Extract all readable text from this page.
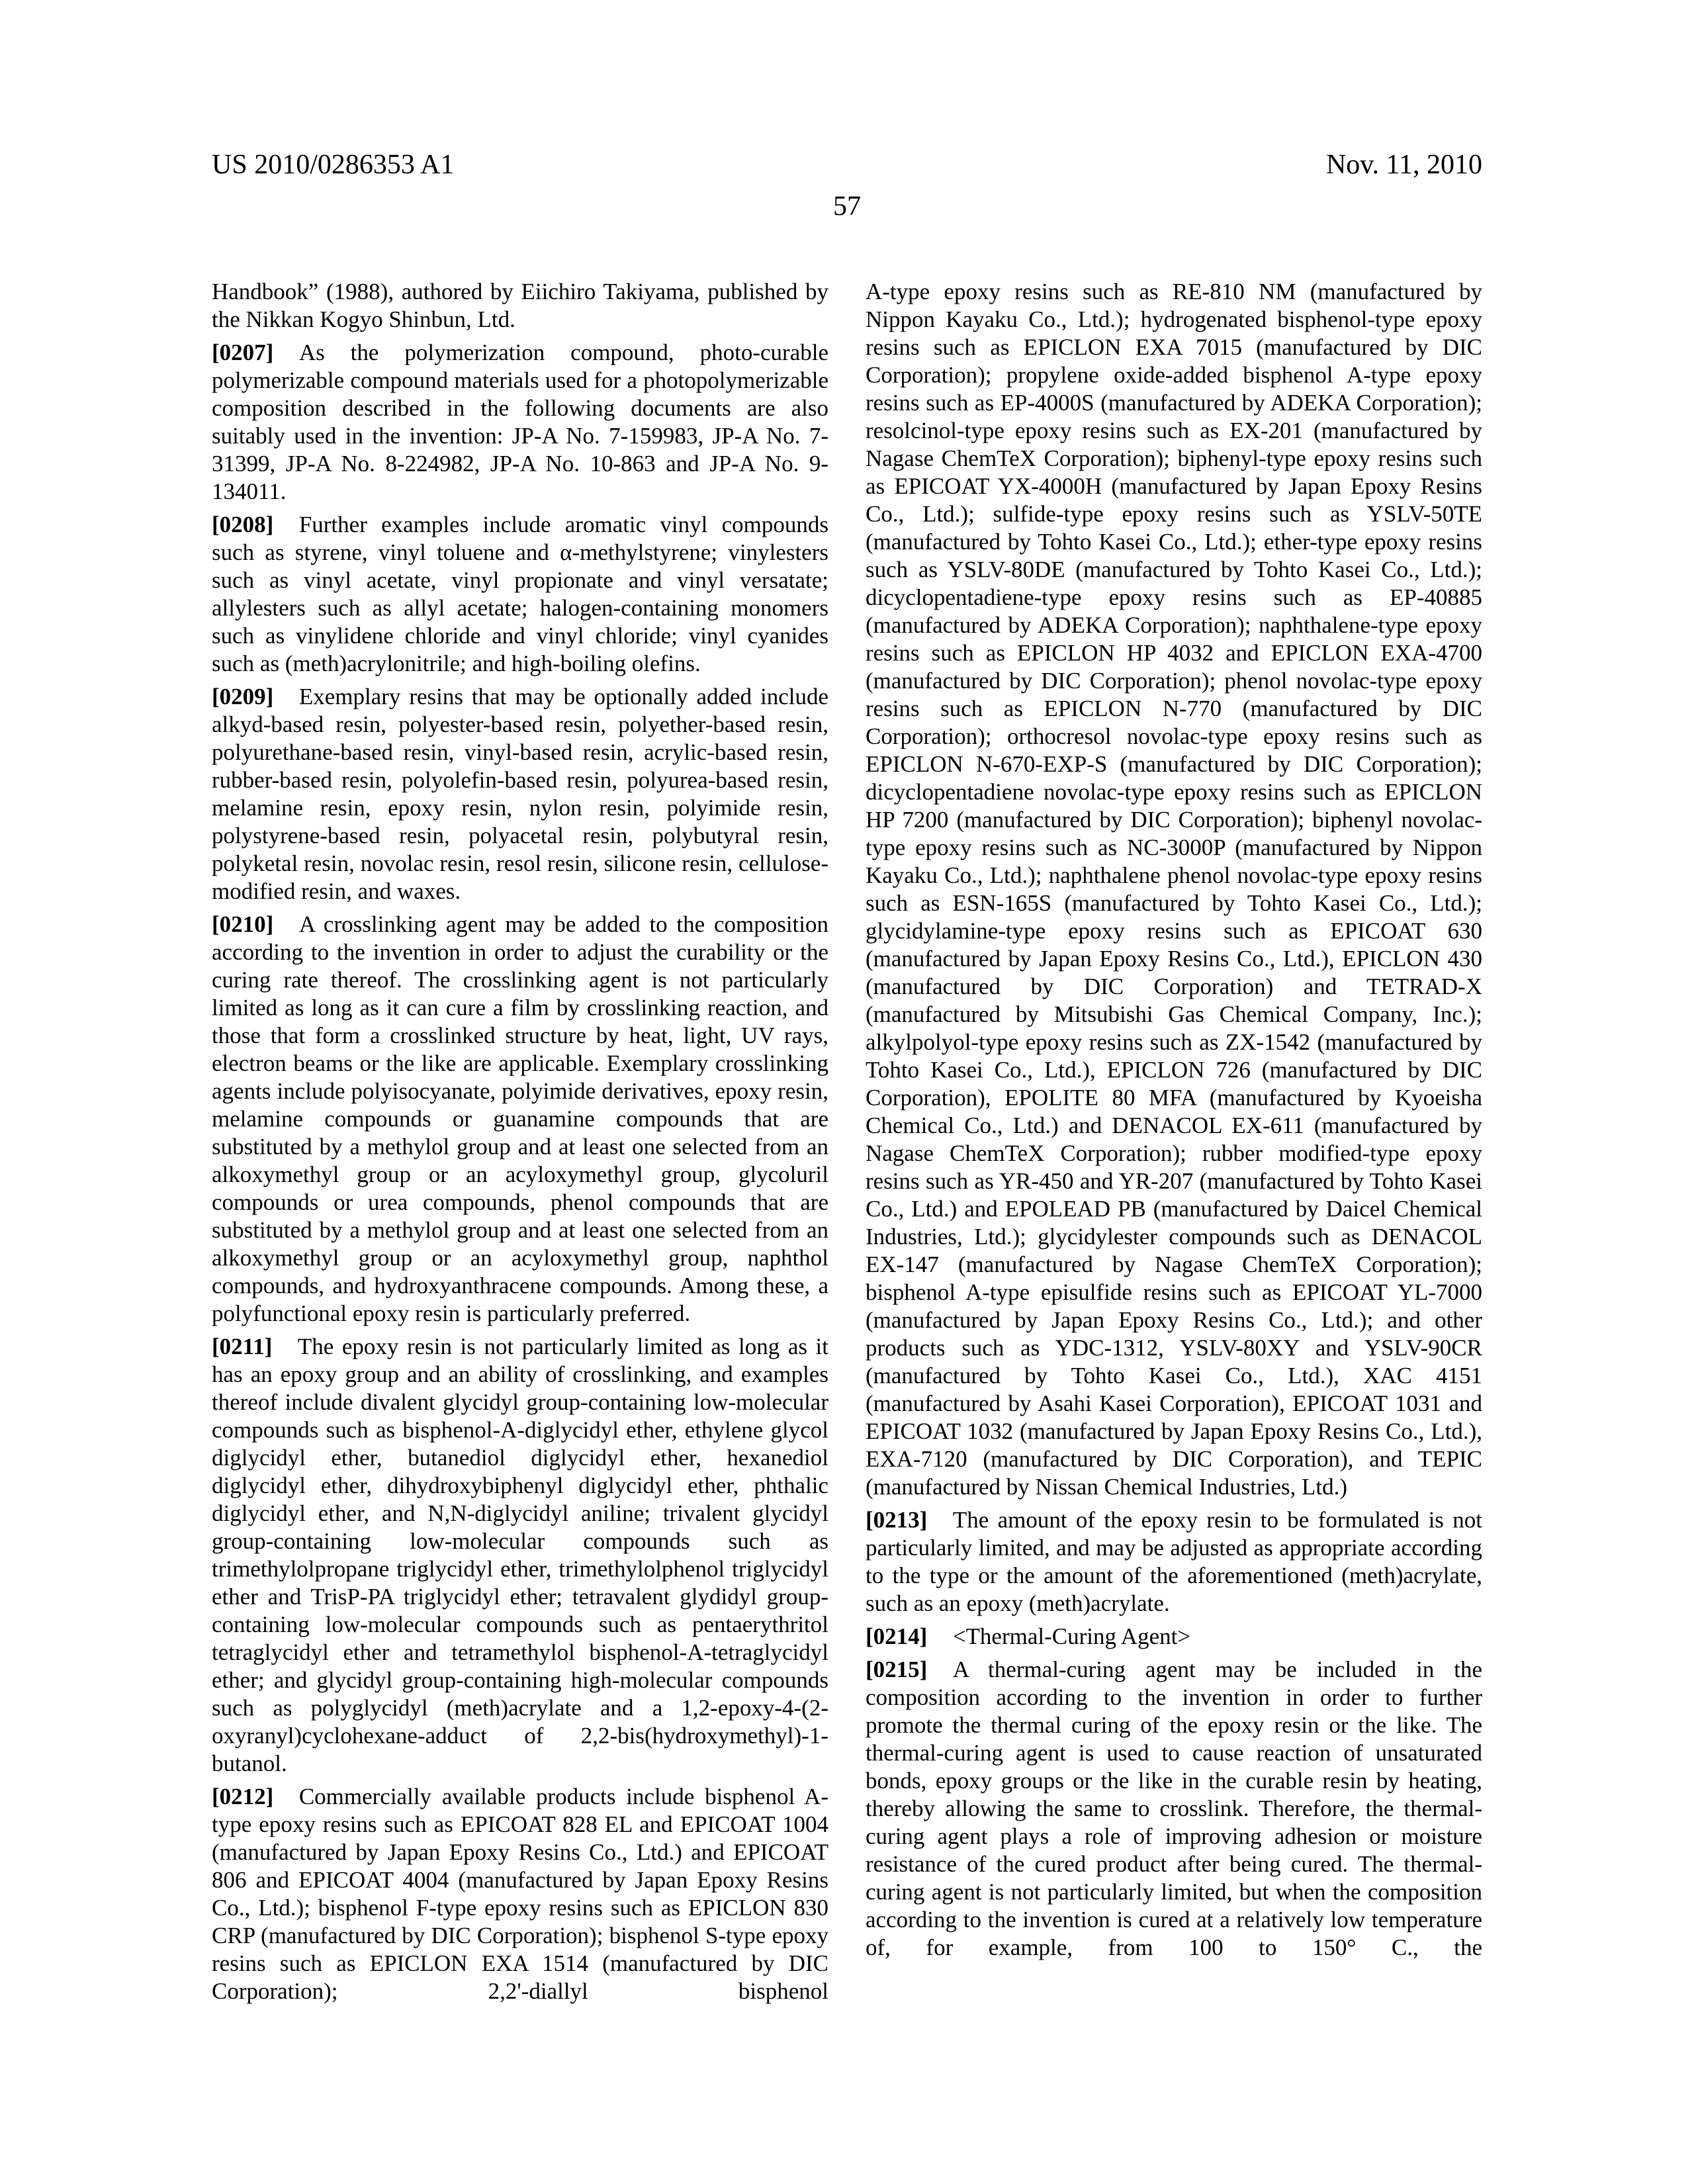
US 2010/0286353 A1	Nov. 11, 2010
57

Handbook” (1988), authored by Eiichiro Takiyama, published by the Nikkan Kogyo Shinbun, Ltd.

[0207] As the polymerization compound, photo-curable polymerizable compound materials used for a photopolymerizable composition described in the following documents are also suitably used in the invention: JP-A No. 7-159983, JP-A No. 7-31399, JP-A No. 8-224982, JP-A No. 10-863 and JP-A No. 9-134011.

[0208] Further examples include aromatic vinyl compounds such as styrene, vinyl toluene and α-methylstyrene; vinylesters such as vinyl acetate, vinyl propionate and vinyl versatate; allylesters such as allyl acetate; halogen-containing monomers such as vinylidene chloride and vinyl chloride; vinyl cyanides such as (meth)acrylonitrile; and high-boiling olefins.

[0209] Exemplary resins that may be optionally added include alkyd-based resin, polyester-based resin, polyether-based resin, polyurethane-based resin, vinyl-based resin, acrylic-based resin, rubber-based resin, polyolefin-based resin, polyurea-based resin, melamine resin, epoxy resin, nylon resin, polyimide resin, polystyrene-based resin, polyacetal resin, polybutyral resin, polyketal resin, novolac resin, resol resin, silicone resin, cellulose-modified resin, and waxes.

[0210] A crosslinking agent may be added to the composition according to the invention in order to adjust the curability or the curing rate thereof. The crosslinking agent is not particularly limited as long as it can cure a film by crosslinking reaction, and those that form a crosslinked structure by heat, light, UV rays, electron beams or the like are applicable. Exemplary crosslinking agents include polyisocyanate, polyimide derivatives, epoxy resin, melamine compounds or guanamine compounds that are substituted by a methylol group and at least one selected from an alkoxymethyl group or an acyloxymethyl group, glycoluril compounds or urea compounds, phenol compounds that are substituted by a methylol group and at least one selected from an alkoxymethyl group or an acyloxymethyl group, naphthol compounds, and hydroxyanthracene compounds. Among these, a polyfunctional epoxy resin is particularly preferred.

[0211] The epoxy resin is not particularly limited as long as it has an epoxy group and an ability of crosslinking, and examples thereof include divalent glycidyl group-containing low-molecular compounds such as bisphenol-A-diglycidyl ether, ethylene glycol diglycidyl ether, butanediol diglycidyl ether, hexanediol diglycidyl ether, dihydroxybiphenyl diglycidyl ether, phthalic diglycidyl ether, and N,N-diglycidyl aniline; trivalent glycidyl group-containing low-molecular compounds such as trimethylolpropane triglycidyl ether, trimethylolphenol triglycidyl ether and TrisP-PA triglycidyl ether; tetravalent glydidyl group-containing low-molecular compounds such as pentaerythritol tetraglycidyl ether and tetramethylol bisphenol-A-tetraglycidyl ether; and glycidyl group-containing high-molecular compounds such as polyglycidyl (meth)acrylate and a 1,2-epoxy-4-(2-oxyranyl)cyclohexane-adduct of 2,2-bis(hydroxymethyl)-1-butanol.

[0212] Commercially available products include bisphenol A-type epoxy resins such as EPICOAT 828 EL and EPICOAT 1004 (manufactured by Japan Epoxy Resins Co., Ltd.) and EPICOAT 806 and EPICOAT 4004 (manufactured by Japan Epoxy Resins Co., Ltd.); bisphenol F-type epoxy resins such as EPICLON 830 CRP (manufactured by DIC Corporation); bisphenol S-type epoxy resins such as EPICLON EXA 1514 (manufactured by DIC Corporation); 2,2'-diallyl bisphenol

A-type epoxy resins such as RE-810 NM (manufactured by Nippon Kayaku Co., Ltd.); hydrogenated bisphenol-type epoxy resins such as EPICLON EXA 7015 (manufactured by DIC Corporation); propylene oxide-added bisphenol A-type epoxy resins such as EP-4000S (manufactured by ADEKA Corporation); resolcinol-type epoxy resins such as EX-201 (manufactured by Nagase ChemTeX Corporation); biphenyl-type epoxy resins such as EPICOAT YX-4000H (manufactured by Japan Epoxy Resins Co., Ltd.); sulfide-type epoxy resins such as YSLV-50TE (manufactured by Tohto Kasei Co., Ltd.); ether-type epoxy resins such as YSLV-80DE (manufactured by Tohto Kasei Co., Ltd.); dicyclopentadiene-type epoxy resins such as EP-40885 (manufactured by ADEKA Corporation); naphthalene-type epoxy resins such as EPICLON HP 4032 and EPICLON EXA-4700 (manufactured by DIC Corporation); phenol novolac-type epoxy resins such as EPICLON N-770 (manufactured by DIC Corporation); orthocresol novolac-type epoxy resins such as EPICLON N-670-EXP-S (manufactured by DIC Corporation); dicyclopentadiene novolac-type epoxy resins such as EPICLON HP 7200 (manufactured by DIC Corporation); biphenyl novolac-type epoxy resins such as NC-3000P (manufactured by Nippon Kayaku Co., Ltd.); naphthalene phenol novolac-type epoxy resins such as ESN-165S (manufactured by Tohto Kasei Co., Ltd.); glycidylamine-type epoxy resins such as EPICOAT 630 (manufactured by Japan Epoxy Resins Co., Ltd.), EPICLON 430 (manufactured by DIC Corporation) and TETRAD-X (manufactured by Mitsubishi Gas Chemical Company, Inc.); alkylpolyol-type epoxy resins such as ZX-1542 (manufactured by Tohto Kasei Co., Ltd.), EPICLON 726 (manufactured by DIC Corporation), EPOLITE 80 MFA (manufactured by Kyoeisha Chemical Co., Ltd.) and DENACOL EX-611 (manufactured by Nagase ChemTeX Corporation); rubber modified-type epoxy resins such as YR-450 and YR-207 (manufactured by Tohto Kasei Co., Ltd.) and EPOLEAD PB (manufactured by Daicel Chemical Industries, Ltd.); glycidylester compounds such as DENACOL EX-147 (manufactured by Nagase ChemTeX Corporation); bisphenol A-type episulfide resins such as EPICOAT YL-7000 (manufactured by Japan Epoxy Resins Co., Ltd.); and other products such as YDC-1312, YSLV-80XY and YSLV-90CR (manufactured by Tohto Kasei Co., Ltd.), XAC 4151 (manufactured by Asahi Kasei Corporation), EPICOAT 1031 and EPICOAT 1032 (manufactured by Japan Epoxy Resins Co., Ltd.), EXA-7120 (manufactured by DIC Corporation), and TEPIC (manufactured by Nissan Chemical Industries, Ltd.)

[0213] The amount of the epoxy resin to be formulated is not particularly limited, and may be adjusted as appropriate according to the type or the amount of the aforementioned (meth)acrylate, such as an epoxy (meth)acrylate.

[0214] <Thermal-Curing Agent>

[0215] A thermal-curing agent may be included in the composition according to the invention in order to further promote the thermal curing of the epoxy resin or the like. The thermal-curing agent is used to cause reaction of unsaturated bonds, epoxy groups or the like in the curable resin by heating, thereby allowing the same to crosslink. Therefore, the thermal-curing agent plays a role of improving adhesion or moisture resistance of the cured product after being cured. The thermal-curing agent is not particularly limited, but when the composition according to the invention is cured at a relatively low temperature of, for example, from 100 to 150° C., the
